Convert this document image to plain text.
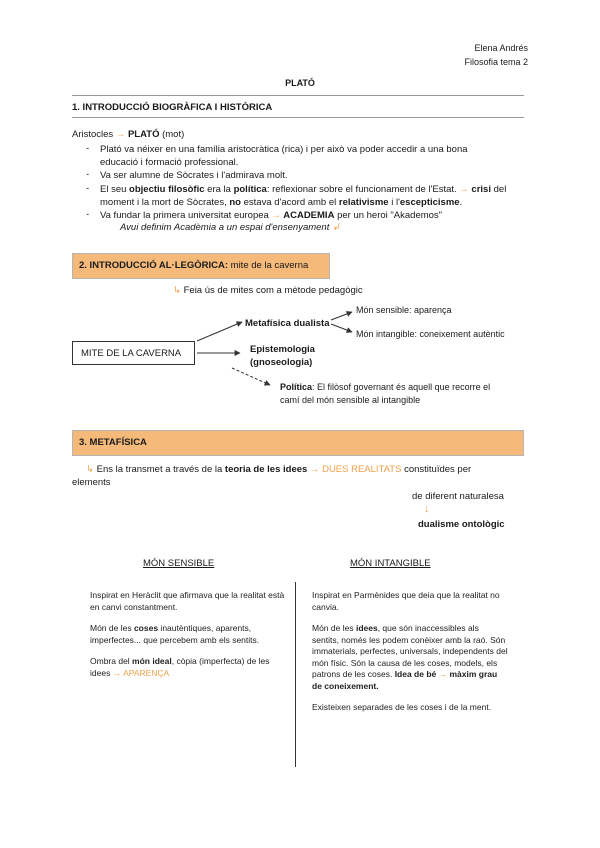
Elena Andrés
Filosofia tema 2
PLATÓ
1. INTRODUCCIÓ BIOGRÀFICA I HISTÒRICA
Aristocles → PLATÓ (mot)
- Plató va néixer en una família aristocràtica (rica) i per això va poder accedir a una bona
educació i formació professional.
- Va ser alumne de Sòcrates i l'admirava molt.
- El seu objectiu filosòfic era la política: reflexionar sobre el funcionament de l'Estat. → crisi del
moment i la mort de Sòcrates, no estava d'acord amb el relativisme i l'escepticisme.
- Va fundar la primera universitat europea → ACADEMIA per un heroi "Akademos"
Avui definim Acadèmia a un espai d'ensenyament ↲
2. INTRODUCCIÓ AL·LEGÒRICA: mite de la caverna
↳ Feia ús de mites com a mètode pedagògic
MITE DE LA CAVERNA
Metafísica dualista
Món sensible: aparença
Món intangible: coneixement autèntic
Epistemologia
(gnoseologia)
Política: El filòsof governant és aquell que recorre el
camí del món sensible al intangible
3. METAFÍSICA
↳ Ens la transmet a través de la teoria de les idees → DUES REALITATS constituïdes per
elements
de diferent naturalesa
↓
dualisme ontològic
MÓN SENSIBLE	MÓN INTANGIBLE

Inspirat en Heràclit que afirmava que la realitat està en canvi constantment.

Món de les coses inautèntiques, aparents, imperfectes... que percebem amb els sentits.

Ombra del món ideal, còpia (imperfecta) de les idees → APARENÇA

Inspirat en Parmènides que deia que la realitat no canvia.

Món de les idees, que són inaccessibles als sentits, només les podem conèixer amb la raó. Són immaterials, perfectes, universals, independents del món físic. Són la causa de les coses, models, els patrons de les coses. Idea de bé → màxim grau de coneixement.

Existeixen separades de les coses i de la ment.
